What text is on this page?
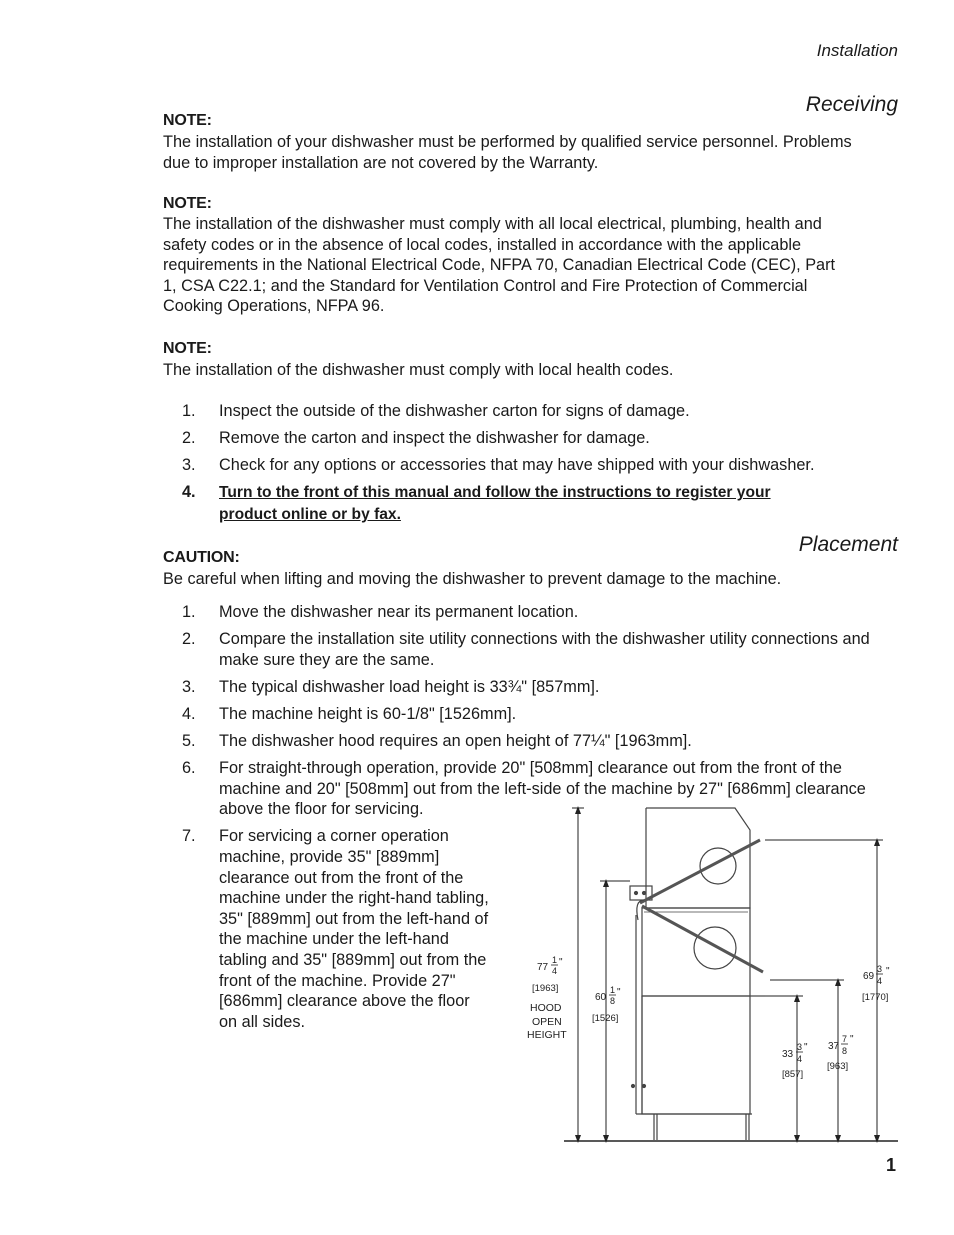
Installation
Receiving
NOTE:
The installation of your dishwasher must be performed by qualified service personnel. Problems due to improper installation are not covered by the Warranty.
NOTE:
The installation of the dishwasher must comply with all local electrical, plumbing, health and safety codes or in the absence of local codes, installed in accordance with the applicable requirements in the National Electrical Code, NFPA 70, Canadian Electrical Code (CEC), Part 1, CSA C22.1; and the Standard for Ventilation Control and Fire Protection of Commercial Cooking Operations, NFPA 96.
NOTE:
The installation of the dishwasher must comply with local health codes.
1. Inspect the outside of the dishwasher carton for signs of damage.
2. Remove the carton and inspect the dishwasher for damage.
3. Check for any options or accessories that may have shipped with your dishwasher.
4. Turn to the front of this manual and follow the instructions to register your product online or by fax.
Placement
CAUTION:
Be careful when lifting and moving the dishwasher to prevent damage to the machine.
1. Move the dishwasher near its permanent location.
2. Compare the installation site utility connections with the dishwasher utility connections and make sure they are the same.
3. The typical dishwasher load height is 33¾" [857mm].
4. The machine height is 60-1/8" [1526mm].
5. The dishwasher hood requires an open height of 77¼" [1963mm].
6. For straight-through operation, provide 20" [508mm] clearance out from the front of the machine and 20" [508mm] out from the left-side of the machine by 27" [686mm] clearance above the floor for servicing.
7. For servicing a corner operation machine, provide 35" [889mm] clearance out from the front of the machine under the right-hand tabling, 35" [889mm] out from the left-hand of the machine under the left-hand tabling and 35" [889mm] out from the front of the machine. Provide 27" [686mm] clearance above the floor on all sides.
77
1
4
"
[1963]
HOOD
OPEN
HEIGHT
60
1
8
"
[1526]
33
3
4
"
[857]
37
7
8
"
[963]
69
3
4
"
[1770]
1
